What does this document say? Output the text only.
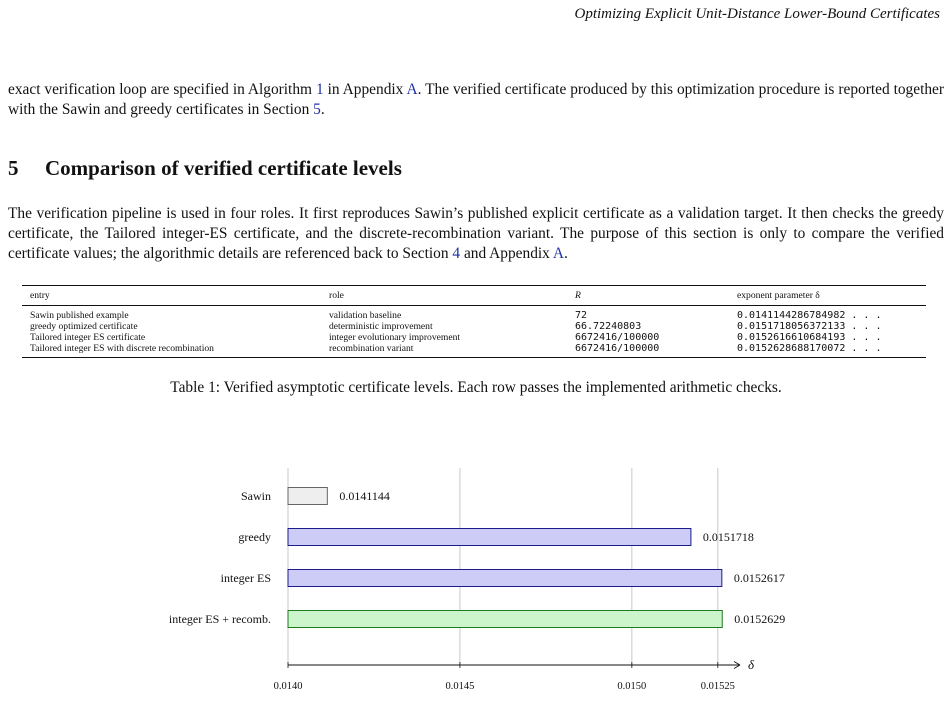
Optimizing Explicit Unit-Distance Lower-Bound Certificates
exact verification loop are specified in Algorithm 1 in Appendix A. The verified certificate produced by this optimization procedure is reported together with the Sawin and greedy certificates in Section 5.
5 Comparison of verified certificate levels
The verification pipeline is used in four roles. It first reproduces Sawin’s published explicit certificate as a validation target. It then checks the greedy certificate, the Tailored integer-ES certificate, and the discrete-recombination variant. The purpose of this section is only to compare the verified certificate values; the algorithmic details are referenced back to Section 4 and Appendix A.
entry	role	R	exponent parameter δ
Sawin published example	validation baseline	72	0.0141144286784982 . . .
greedy optimized certificate	deterministic improvement	66.72240803	0.0151718056372133 . . .
Tailored integer ES certificate	integer evolutionary improvement	6672416/100000	0.0152616610684193 . . .
Tailored integer ES with discrete recombination	recombination variant	6672416/100000	0.0152628688170072 . . .
Table 1: Verified asymptotic certificate levels. Each row passes the implemented arithmetic checks.
δ
0.0140	0.0145	0.0150	0.01525
Sawin	0.0141144
greedy	0.0151718
integer ES	0.0152617
integer ES + recomb.	0.0152629
